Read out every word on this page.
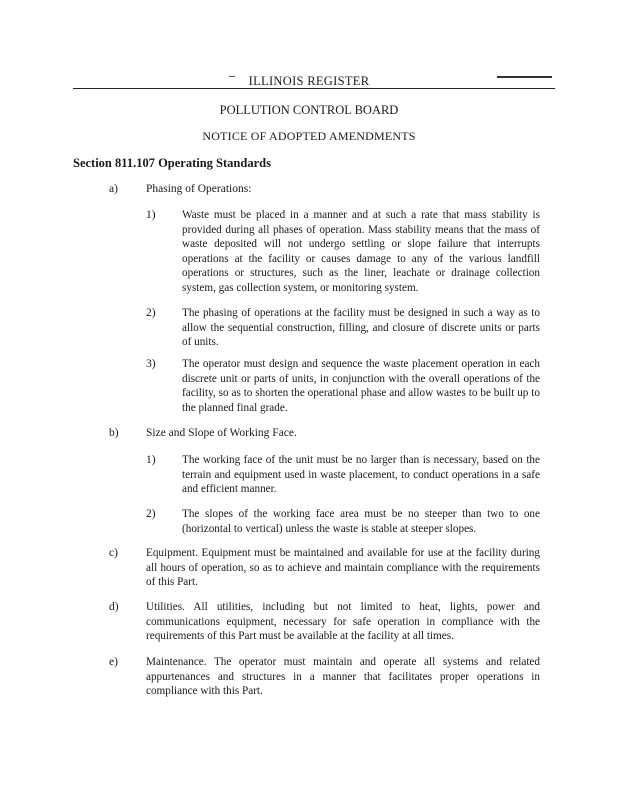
ILLINOIS REGISTER
POLLUTION CONTROL BOARD
NOTICE OF ADOPTED AMENDMENTS
Section 811.107 Operating Standards
a) Phasing of Operations:
1) Waste must be placed in a manner and at such a rate that mass stability is provided during all phases of operation. Mass stability means that the mass of waste deposited will not undergo settling or slope failure that interrupts operations at the facility or causes damage to any of the various landfill operations or structures, such as the liner, leachate or drainage collection system, gas collection system, or monitoring system.
2) The phasing of operations at the facility must be designed in such a way as to allow the sequential construction, filling, and closure of discrete units or parts of units.
3) The operator must design and sequence the waste placement operation in each discrete unit or parts of units, in conjunction with the overall operations of the facility, so as to shorten the operational phase and allow wastes to be built up to the planned final grade.
b) Size and Slope of Working Face.
1) The working face of the unit must be no larger than is necessary, based on the terrain and equipment used in waste placement, to conduct operations in a safe and efficient manner.
2) The slopes of the working face area must be no steeper than two to one (horizontal to vertical) unless the waste is stable at steeper slopes.
c)	Equipment. Equipment must be maintained and available for use at the facility during all hours of operation, so as to achieve and maintain compliance with the requirements of this Part.
d) Utilities. All utilities, including but not limited to heat, lights, power and communications equipment, necessary for safe operation in compliance with the requirements of this Part must be available at the facility at all times.
e)	Maintenance. The operator must maintain and operate all systems and related appurtenances and structures in a manner that facilitates proper operations in compliance with this Part.
